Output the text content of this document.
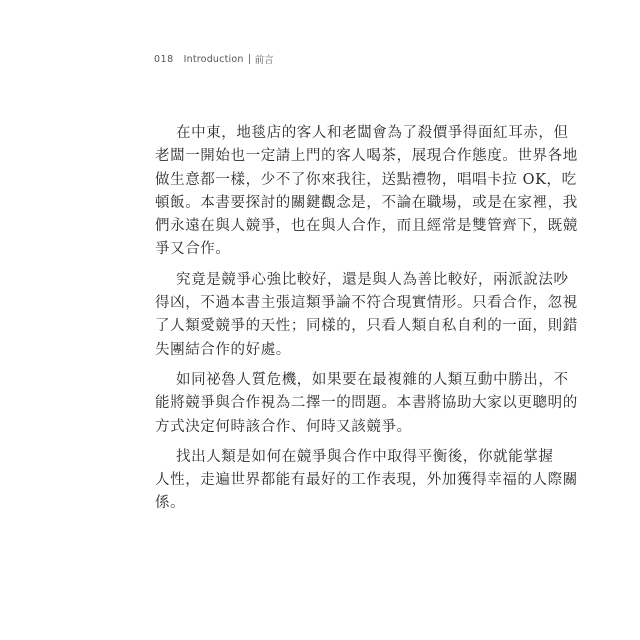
018 Introduction 前言

在中東，地毯店的客人和老闆會為了殺價爭得面紅耳赤，但
老闆一開始也一定請上門的客人喝茶，展現合作態度。世界各地
做生意都一樣，少不了你來我往，送點禮物，唱唱卡拉 OK，吃
頓飯。本書要探討的關鍵觀念是，不論在職場，或是在家裡，我
們永遠在與人競爭，也在與人合作，而且經常是雙管齊下，既競
爭又合作。

究竟是競爭心強比較好，還是與人為善比較好，兩派說法吵
得凶，不過本書主張這類爭論不符合現實情形。只看合作，忽視
了人類愛競爭的天性；同樣的，只看人類自私自利的一面，則錯
失團結合作的好處。

如同祕魯人質危機，如果要在最複雜的人類互動中勝出，不
能將競爭與合作視為二擇一的問題。本書將協助大家以更聰明的
方式決定何時該合作、何時又該競爭。

找出人類是如何在競爭與合作中取得平衡後，你就能掌握
人性，走遍世界都能有最好的工作表現，外加獲得幸福的人際關
係。
